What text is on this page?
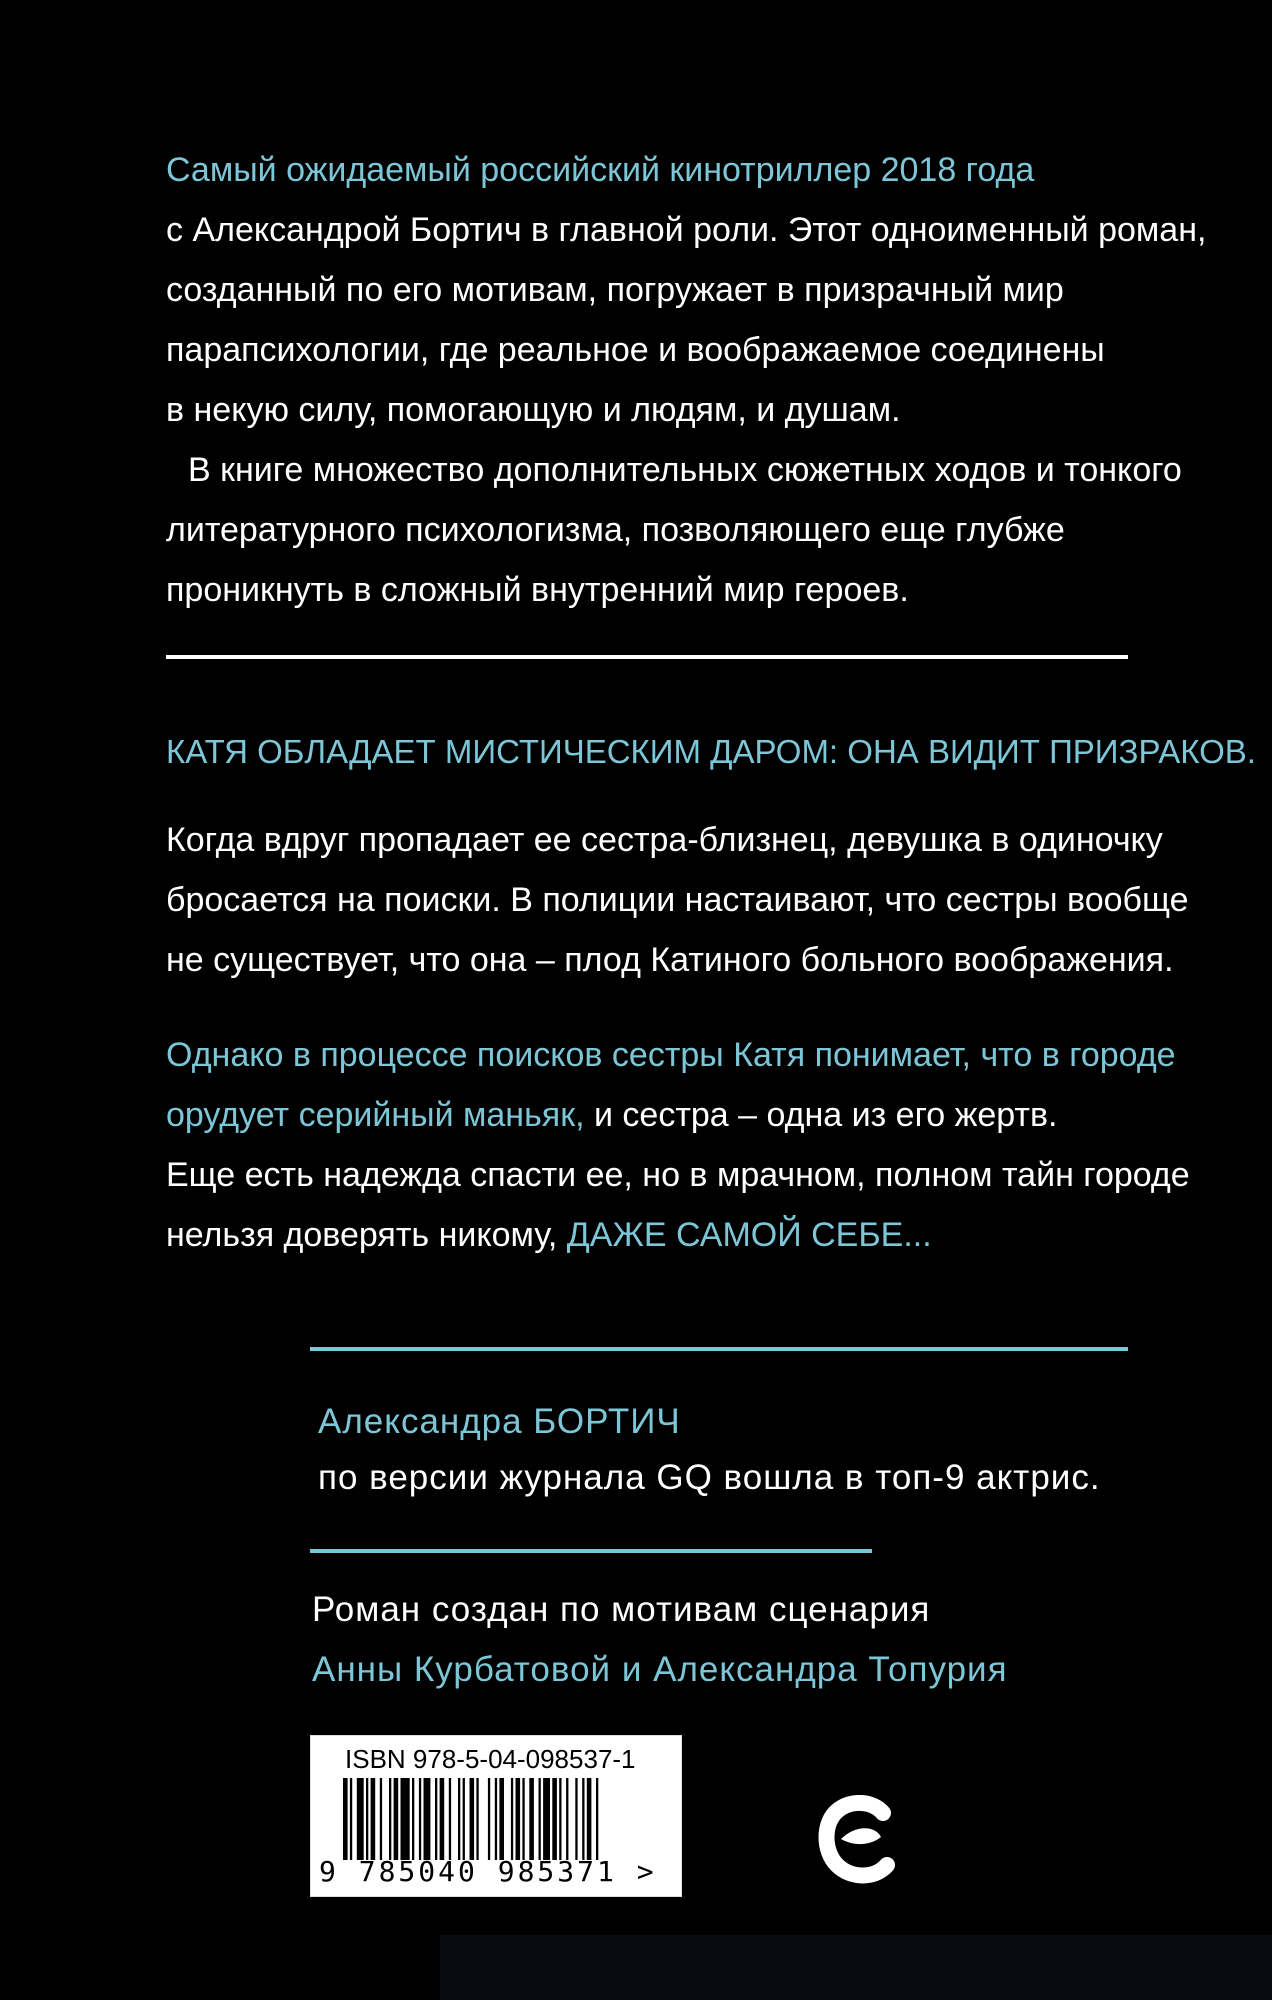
Самый ожидаемый российский кинотриллер 2018 года
с Александрой Бортич в главной роли. Этот одноименный роман,
созданный по его мотивам, погружает в призрачный мир
парапсихологии, где реальное и воображаемое соединены
в некую силу, помогающую и людям, и душам.
В книге множество дополнительных сюжетных ходов и тонкого
литературного психологизма, позволяющего еще глубже
проникнуть в сложный внутренний мир героев.
КАТЯ ОБЛАДАЕТ МИСТИЧЕСКИМ ДАРОМ: ОНА ВИДИТ ПРИЗРАКОВ.
Когда вдруг пропадает ее сестра-близнец, девушка в одиночку
бросается на поиски. В полиции настаивают, что сестры вообще
не существует, что она – плод Катиного больного воображения.
Однако в процессе поисков сестры Катя понимает, что в городе
орудует серийный маньяк, и сестра – одна из его жертв.
Еще есть надежда спасти ее, но в мрачном, полном тайн городе
нельзя доверять никому, ДАЖЕ САМОЙ СЕБЕ...
Александра БОРТИЧ
по версии журнала GQ вошла в топ-9 актрис.
Роман создан по мотивам сценария
Анны Курбатовой и Александра Топурия
ISBN 978-5-04-098537-1
9 785040 985371 >
